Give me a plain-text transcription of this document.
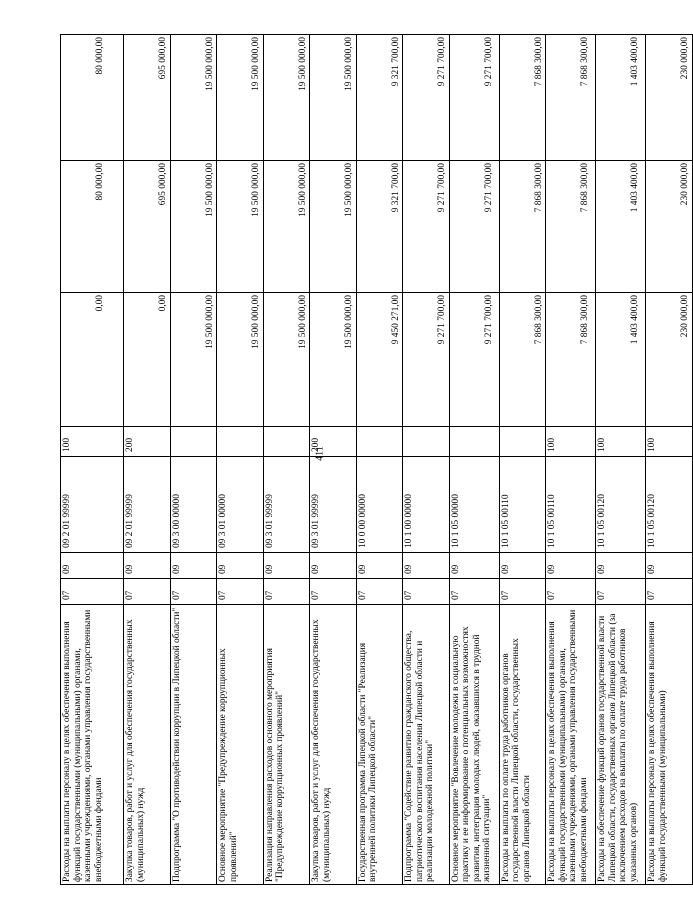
411
Расходы на выплаты персоналу в целях обеспечения выполнения функций государственными (муниципальными) органами, казенными учреждениями, органами управления государственными внебюджетными фондами	07	09	09 2 01 99999	100	0,00	80 000,00	80 000,00
Закупка товаров, работ и услуг для обеспечения государственных (муниципальных) нужд	07	09	09 2 01 99999	200	0,00	695 000,00	695 000,00
Подпрограмма "О противодействии коррупции в Липецкой области"	07	09	09 3 00 00000		19 500 000,00	19 500 000,00	19 500 000,00
Основное мероприятие "Предупреждение коррупционных проявлений"	07	09	09 3 01 00000		19 500 000,00	19 500 000,00	19 500 000,00
Реализация направления расходов основного мероприятия "Предупреждение коррупционных проявлений"	07	09	09 3 01 99999		19 500 000,00	19 500 000,00	19 500 000,00
Закупка товаров, работ и услуг для обеспечения государственных (муниципальных) нужд	07	09	09 3 01 99999	200	19 500 000,00	19 500 000,00	19 500 000,00
Государственная программа Липецкой области "Реализация внутренней политики Липецкой области"	07	09	10 0 00 00000		9 450 271,00	9 321 700,00	9 321 700,00
Подпрограмма "Содействие развитию гражданского общества, патриотического воспитания населения Липецкой области и реализации молодежной политики"	07	09	10 1 00 00000		9 271 700,00	9 271 700,00	9 271 700,00
Основное мероприятие "Вовлечение молодежи в социальную практику и ее информирование о потенциальных возможностях развития, интеграция молодых людей, оказавшихся в трудной жизненной ситуации"	07	09	10 1 05 00000		9 271 700,00	9 271 700,00	9 271 700,00
Расходы на выплаты по оплате труда работников органов государственной власти Липецкой области, государственных органов Липецкой области	07	09	10 1 05 00110		7 868 300,00	7 868 300,00	7 868 300,00
Расходы на выплаты персоналу в целях обеспечения выполнения функций государственными (муниципальными) органами, казенными учреждениями, органами управления государственными внебюджетными фондами	07	09	10 1 05 00110	100	7 868 300,00	7 868 300,00	7 868 300,00
Расходы на обеспечение функций органов государственной власти Липецкой области, государственных органов Липецкой области (за исключением расходов на выплаты по оплате труда работников указанных органов)	07	09	10 1 05 00120	100	1 403 400,00	1 403 400,00	1 403 400,00
Расходы на выплаты персоналу в целях обеспечения выполнения функций государственными (муниципальными)	07	09	10 1 05 00120	100	230 000,00	230 000,00	230 000,00
